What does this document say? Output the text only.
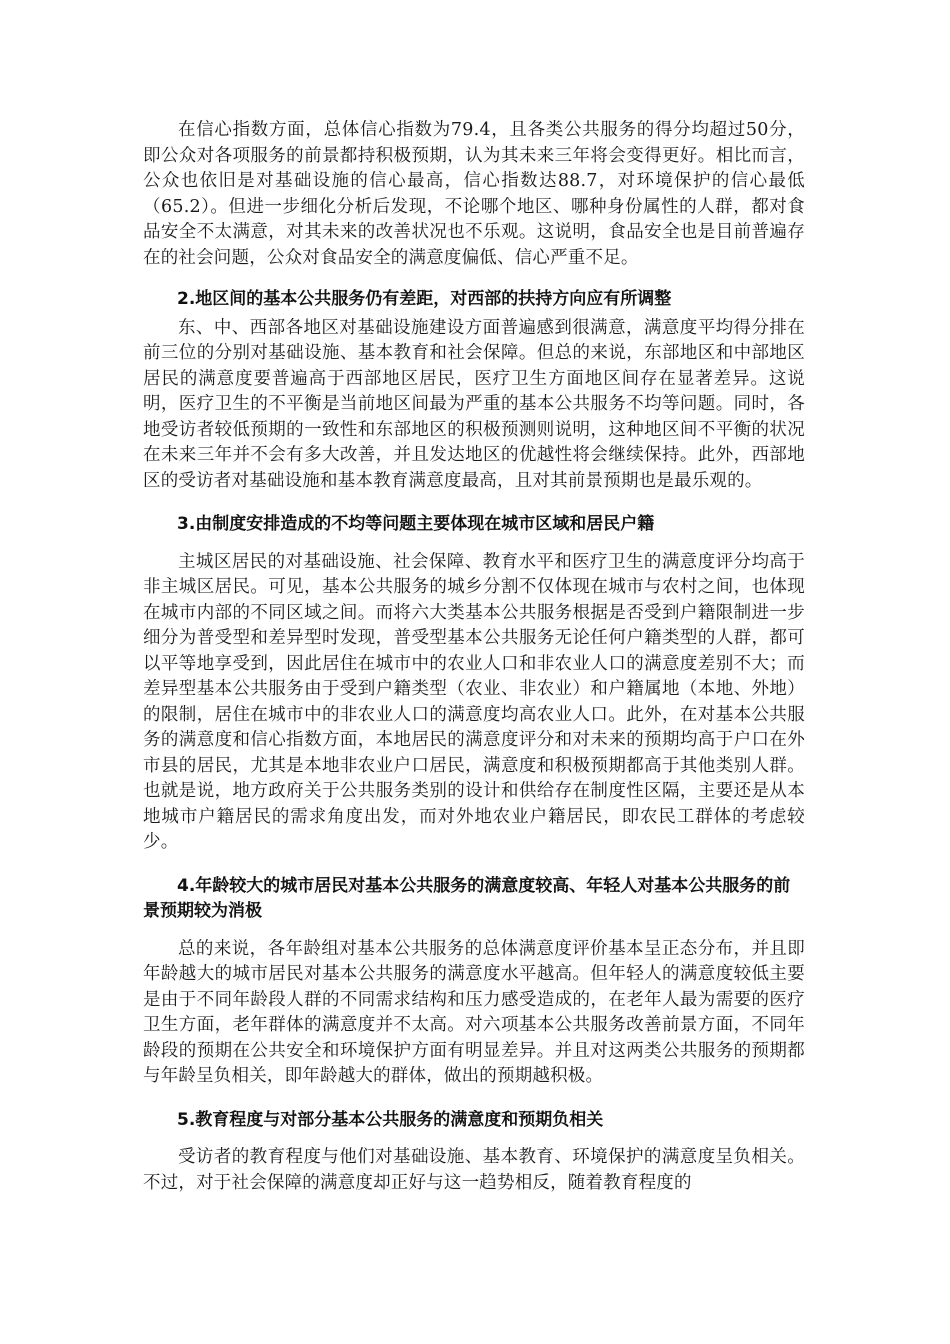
在信心指数方面，总体信心指数为79.4，且各类公共服务的得分均超过50分，即公众对各项服务的前景都持积极预期，认为其未来三年将会变得更好。相比而言，公众也依旧是对基础设施的信心最高，信心指数达88.7，对环境保护的信心最低（65.2）。但进一步细化分析后发现，不论哪个地区、哪种身份属性的人群，都对食品安全不太满意，对其未来的改善状况也不乐观。这说明，食品安全也是目前普遍存在的社会问题，公众对食品安全的满意度偏低、信心严重不足。

2.地区间的基本公共服务仍有差距，对西部的扶持方向应有所调整

东、中、西部各地区对基础设施建设方面普遍感到很满意，满意度平均得分排在前三位的分别对基础设施、基本教育和社会保障。但总的来说，东部地区和中部地区居民的满意度要普遍高于西部地区居民，医疗卫生方面地区间存在显著差异。这说明，医疗卫生的不平衡是当前地区间最为严重的基本公共服务不均等问题。同时，各地受访者较低预期的一致性和东部地区的积极预测则说明，这种地区间不平衡的状况在未来三年并不会有多大改善，并且发达地区的优越性将会继续保持。此外，西部地区的受访者对基础设施和基本教育满意度最高，且对其前景预期也是最乐观的。

3.由制度安排造成的不均等问题主要体现在城市区域和居民户籍

主城区居民的对基础设施、社会保障、教育水平和医疗卫生的满意度评分均高于非主城区居民。可见，基本公共服务的城乡分割不仅体现在城市与农村之间，也体现在城市内部的不同区域之间。而将六大类基本公共服务根据是否受到户籍限制进一步细分为普受型和差异型时发现，普受型基本公共服务无论任何户籍类型的人群，都可以平等地享受到，因此居住在城市中的农业人口和非农业人口的满意度差别不大；而差异型基本公共服务由于受到户籍类型（农业、非农业）和户籍属地（本地、外地）的限制，居住在城市中的非农业人口的满意度均高农业人口。此外，在对基本公共服务的满意度和信心指数方面，本地居民的满意度评分和对未来的预期均高于户口在外市县的居民，尤其是本地非农业户口居民，满意度和积极预期都高于其他类别人群。也就是说，地方政府关于公共服务类别的设计和供给存在制度性区隔，主要还是从本地城市户籍居民的需求角度出发，而对外地农业户籍居民，即农民工群体的考虑较少。

4.年龄较大的城市居民对基本公共服务的满意度较高、年轻人对基本公共服务的前景预期较为消极

总的来说，各年龄组对基本公共服务的总体满意度评价基本呈正态分布，并且即年龄越大的城市居民对基本公共服务的满意度水平越高。但年轻人的满意度较低主要是由于不同年龄段人群的不同需求结构和压力感受造成的，在老年人最为需要的医疗卫生方面，老年群体的满意度并不太高。对六项基本公共服务改善前景方面，不同年龄段的预期在公共安全和环境保护方面有明显差异。并且对这两类公共服务的预期都与年龄呈负相关，即年龄越大的群体，做出的预期越积极。

5.教育程度与对部分基本公共服务的满意度和预期负相关

受访者的教育程度与他们对基础设施、基本教育、环境保护的满意度呈负相关。不过，对于社会保障的满意度却正好与这一趋势相反，随着教育程度的
